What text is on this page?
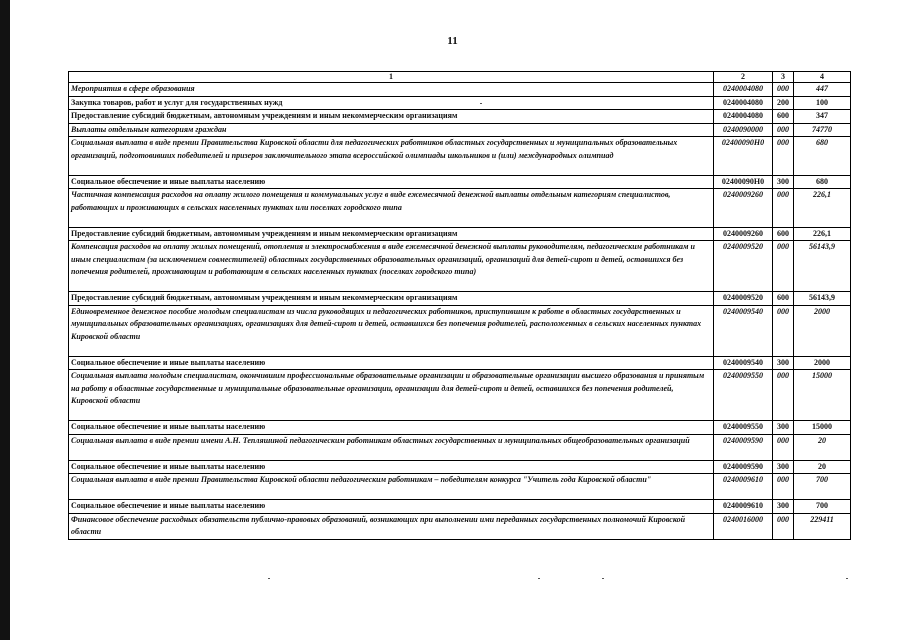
11
1	2	3	4
Мероприятия в сфере образования	0240004080	000	447
Закупка товаров, работ и услуг для государственных нужд	0240004080	200	100
Предоставление субсидий бюджетным, автономным учреждениям и иным некоммерческим организациям	0240004080	600	347
Выплаты отдельным категориям граждан	0240090000	000	74770
Социальная выплата в виде премии Правительства Кировской области для педагогических работников областных государственных и муниципальных образовательных организаций, подготовивших победителей и призеров заключительного этапа всероссийской олимпиады школьников и (или) международных олимпиад	02400090Н0	000	680
Социальное обеспечение и иные выплаты населению	02400090Н0	300	680
Частичная компенсация расходов на оплату жилого помещения и коммунальных услуг в виде ежемесячной денежной выплаты отдельным категориям специалистов, работающих и проживающих в сельских населенных пунктах или поселках городского типа	0240009260	000	226,1
Предоставление субсидий бюджетным, автономным учреждениям и иным некоммерческим организациям	0240009260	600	226,1
Компенсация расходов на оплату жилых помещений, отопления и электроснабжения в виде ежемесячной денежной выплаты руководителям, педагогическим работникам и иным специалистам (за исключением совместителей) областных государственных образовательных организаций, организаций для детей-сирот и детей, оставшихся без попечения родителей, проживающим и работающим в сельских населенных пунктах (поселках городского типа)	0240009520	000	56143,9
Предоставление субсидий бюджетным, автономным учреждениям и иным некоммерческим организациям	0240009520	600	56143,9
Единовременное денежное пособие молодым специалистам из числа руководящих и педагогических работников, приступившим к работе в областных государственных и муниципальных образовательных организациях, организациях для детей-сирот и детей, оставшихся без попечения родителей, расположенных в сельских населенных пунктах Кировской области	0240009540	000	2000
Социальное обеспечение и иные выплаты населению	0240009540	300	2000
Социальная выплата молодым специалистам, окончившим профессиональные образовательные организации и образовательные организации высшего образования и принятым на работу в областные государственные и муниципальные образовательные организации, организации для детей-сирот и детей, оставшихся без попечения родителей, Кировской области	0240009550	000	15000
Социальное обеспечение и иные выплаты населению	0240009550	300	15000
Социальная выплата в виде премии имени А.Н. Тепляшиной педагогическим работникам областных государственных и муниципальных общеобразовательных организаций	0240009590	000	20
Социальное обеспечение и иные выплаты населению	0240009590	300	20
Социальная выплата в виде премии Правительства Кировской области педагогическим работникам – победителям конкурса "Учитель года Кировской области"	0240009610	000	700
Социальное обеспечение и иные выплаты населению	0240009610	300	700
Финансовое обеспечение расходных обязательств публично-правовых образований, возникающих при выполнении ими переданных государственных полномочий Кировской области	0240016000	000	229411
